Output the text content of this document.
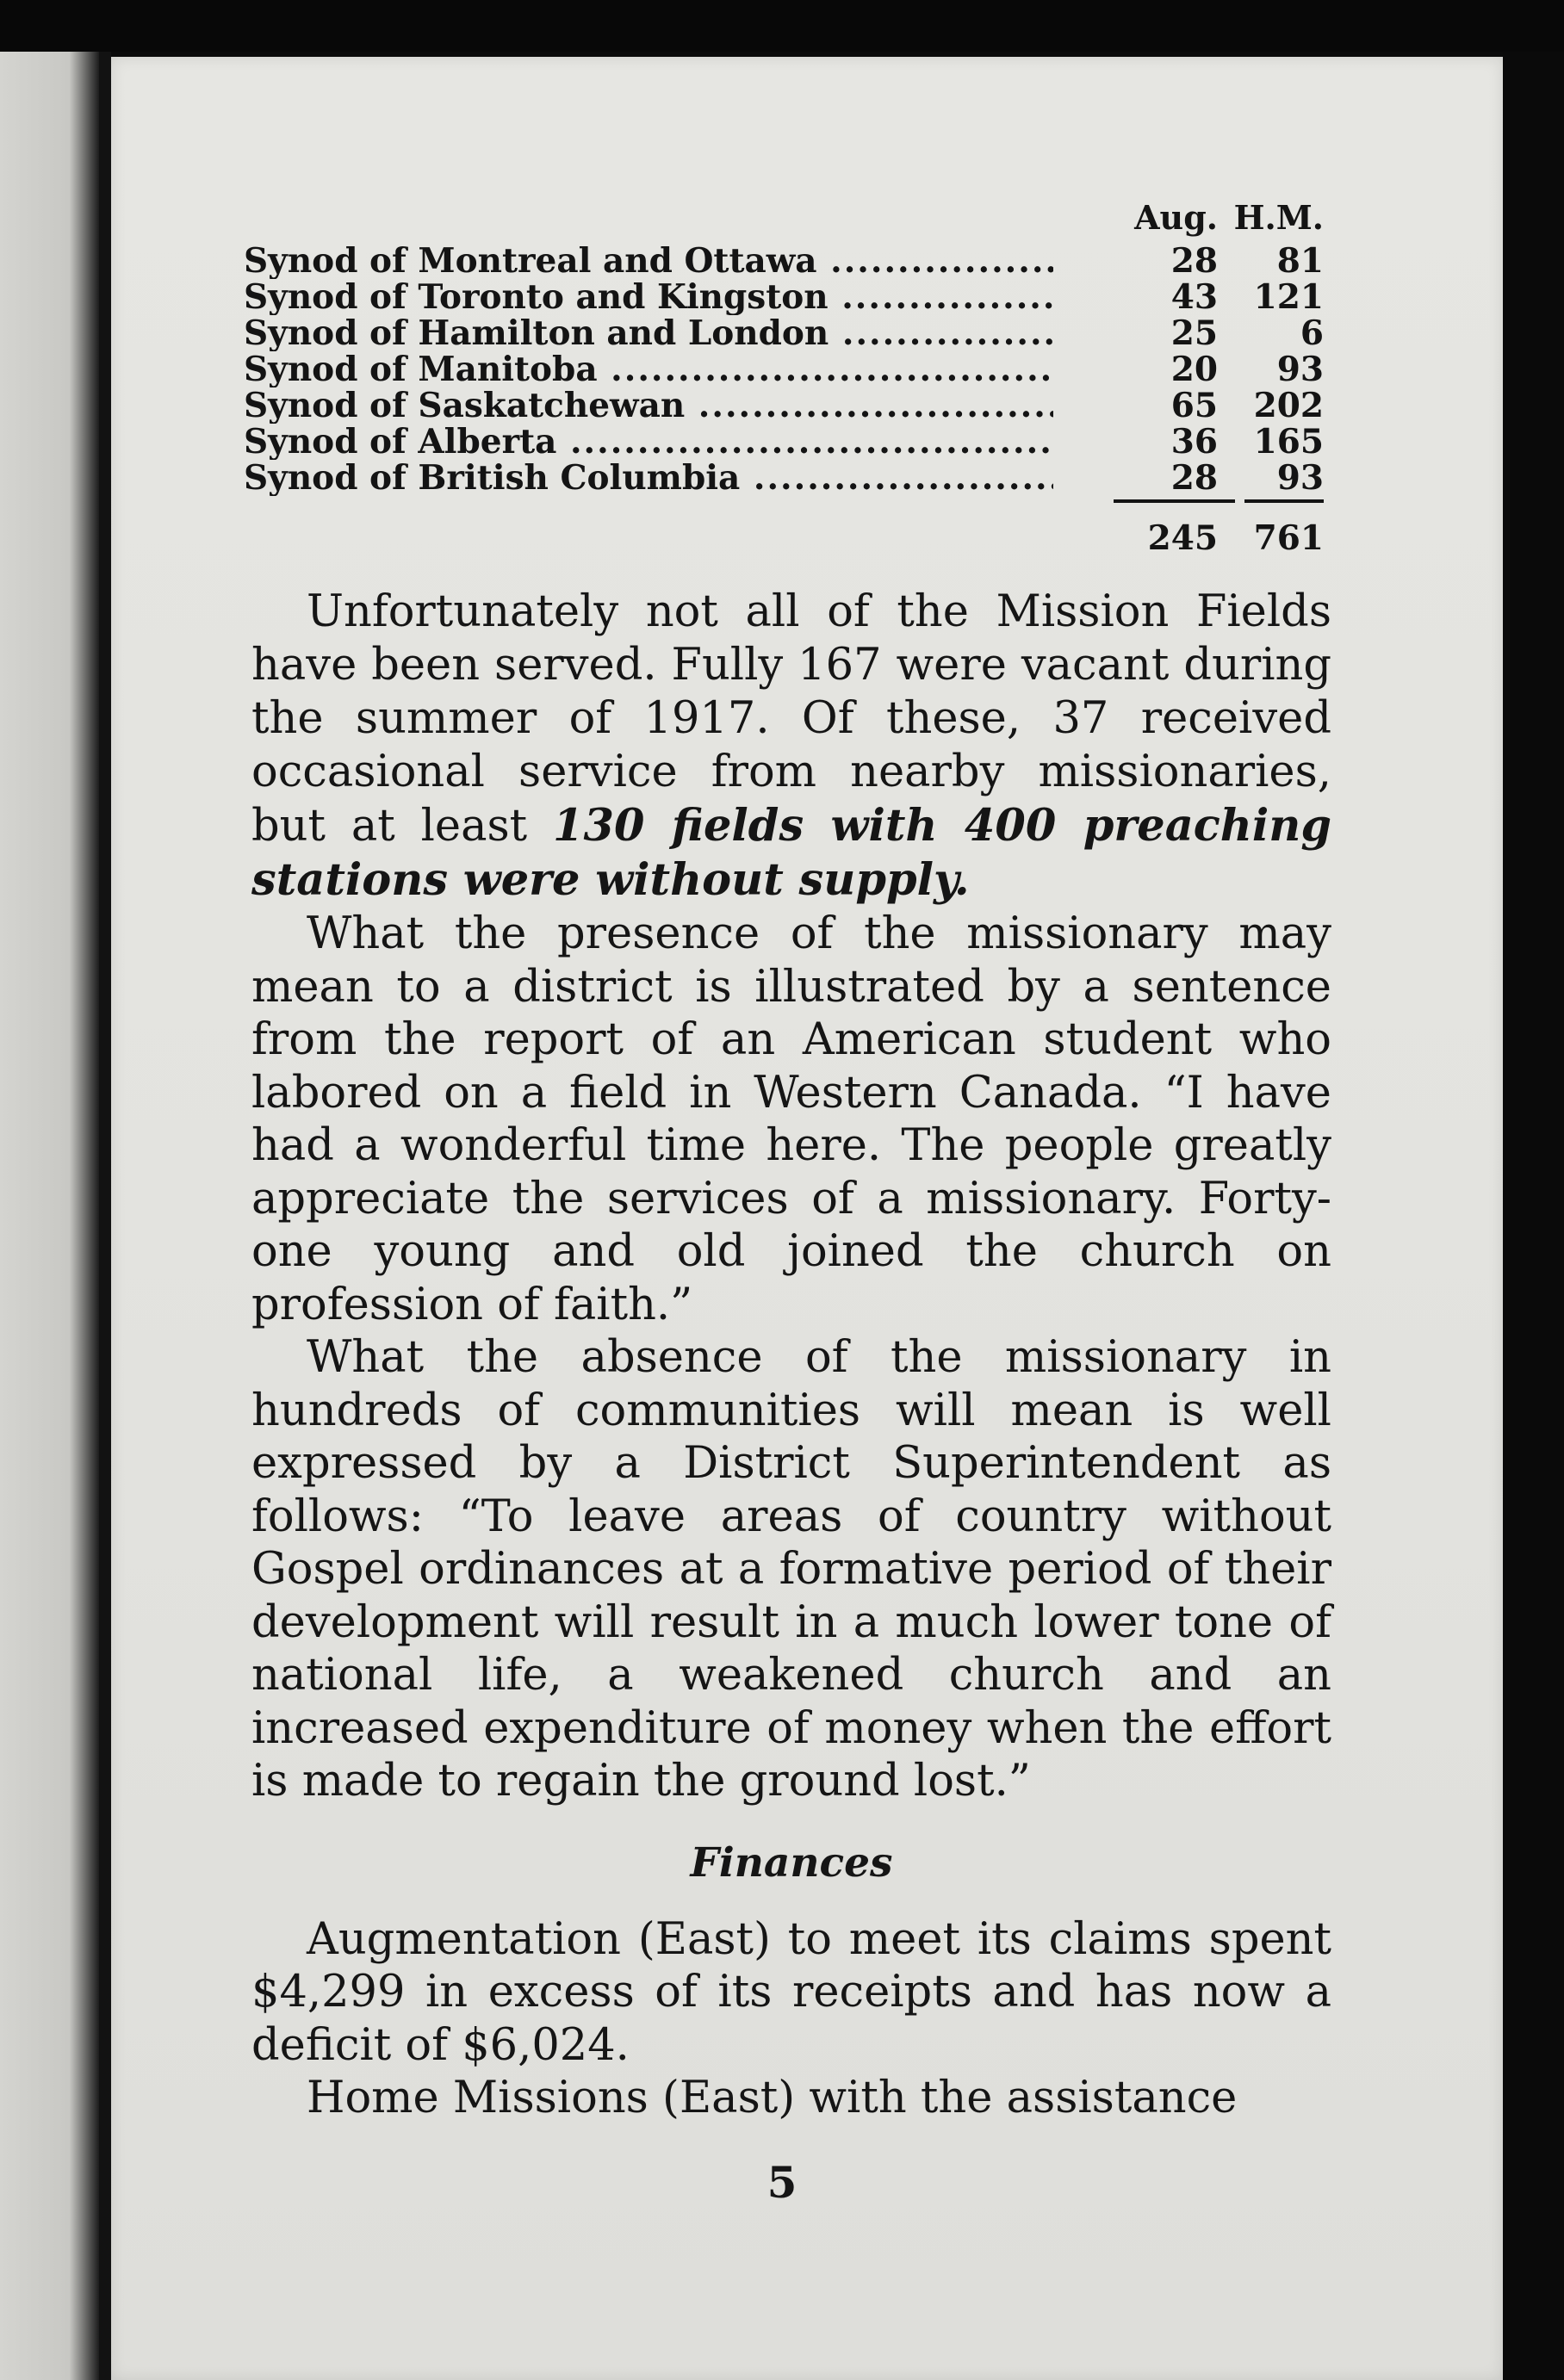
Aug. H.M.
Synod of Montreal and Ottawa .....	28	81
Synod of Toronto and Kingston .....	43	121
Synod of Hamilton and London .....	25	6
Synod of Manitoba .....	20	93
Synod of Saskatchewan .....	65	202
Synod of Alberta .....	36	165
Synod of British Columbia .....	28	93
245	761

Unfortunately not all of the Mission Fields have been served. Fully 167 were vacant during the summer of 1917. Of these, 37 received occasional service from nearby missionaries, but at least 130 fields with 400 preaching stations were without supply.

What the presence of the missionary may mean to a district is illustrated by a sentence from the report of an American student who labored on a field in Western Canada. “I have had a wonderful time here. The people greatly appreciate the services of a missionary. Forty-one young and old joined the church on profession of faith.”

What the absence of the missionary in hundreds of communities will mean is well expressed by a District Superintendent as follows: “To leave areas of country without Gospel ordinances at a formative period of their development will result in a much lower tone of national life, a weakened church and an increased expenditure of money when the effort is made to regain the ground lost.”

Finances

Augmentation (East) to meet its claims spent $4,299 in excess of its receipts and has now a deficit of $6,024.

Home Missions (East) with the assistance

5
